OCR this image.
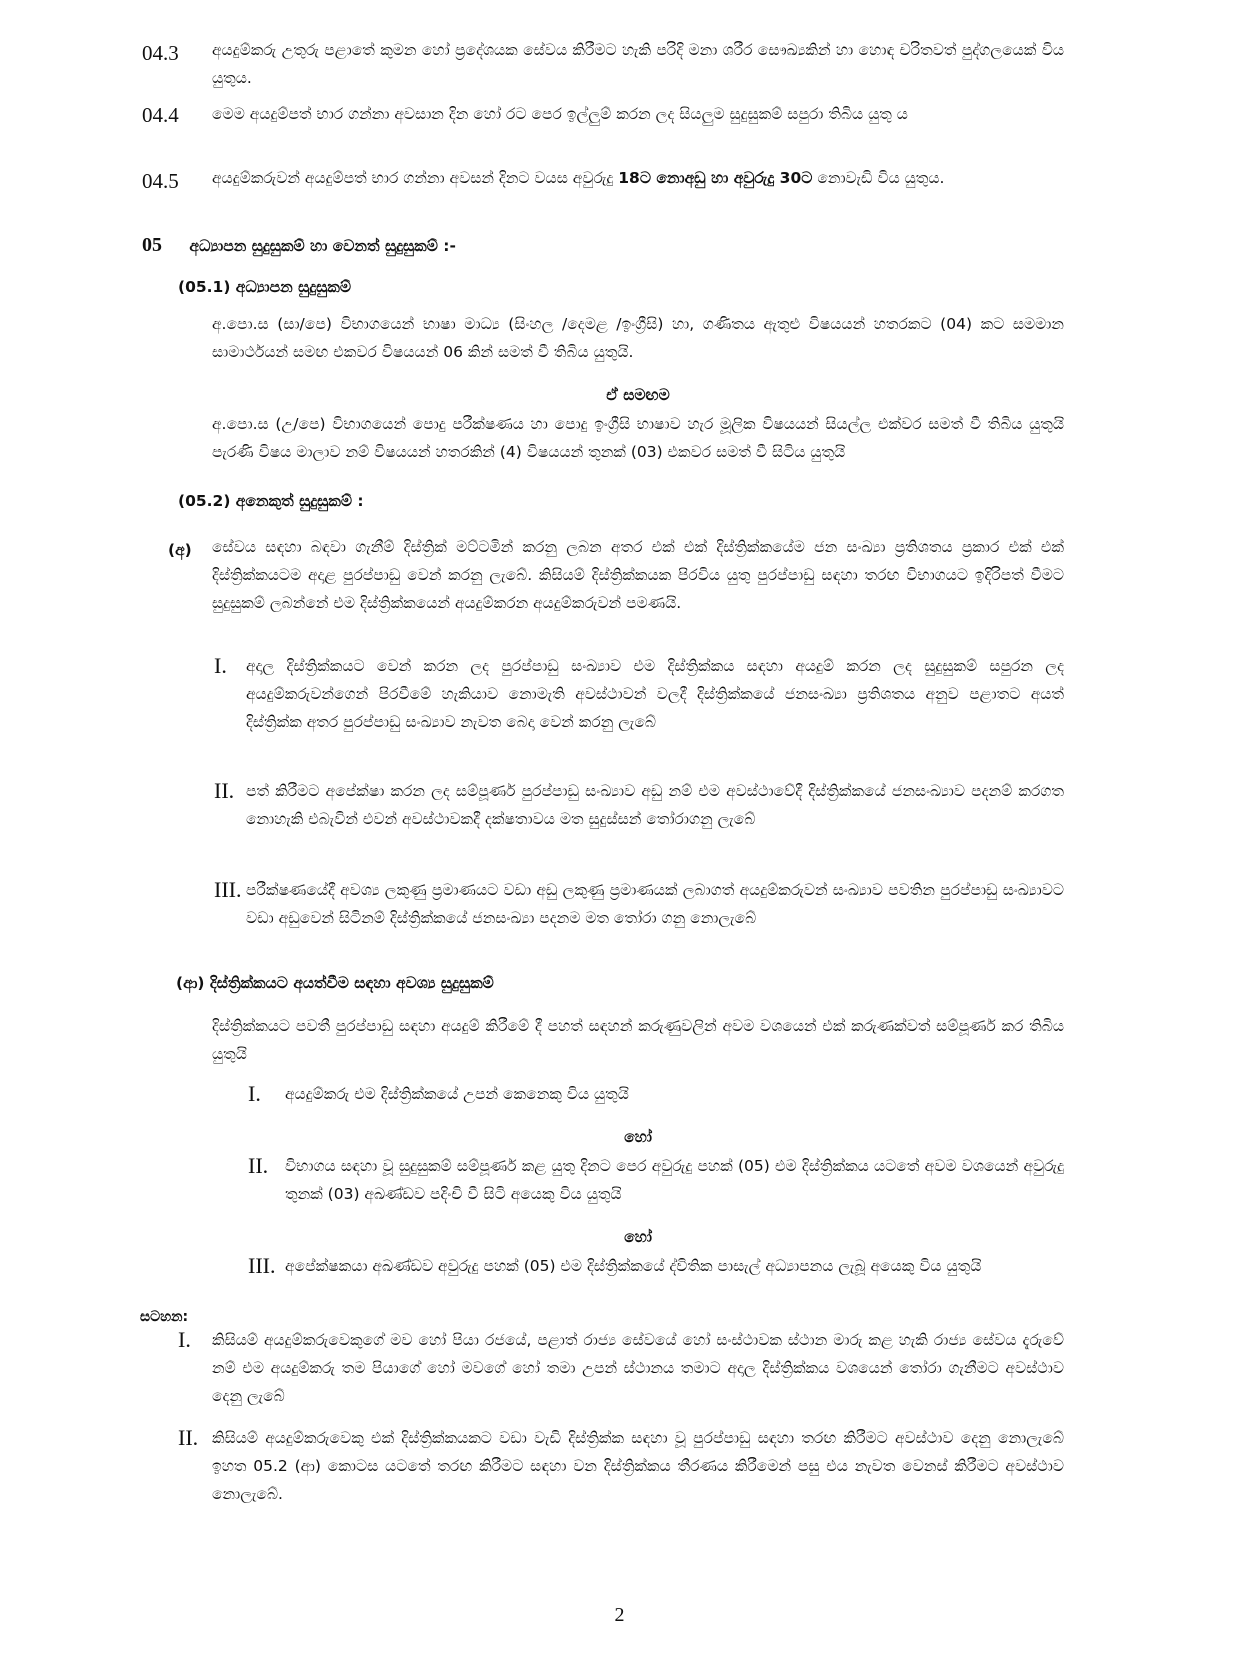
04.3 අයදුම්කරු උතුරු පළාතේ කුමන හෝ ප්‍රදේශයක සේවය කිරීමට හැකි පරිදි මනා ශරීර සෞඛ්‍යකින් හා හොඳ චරිතවත් පුද්ගලයෙක් විය යුතුය.
04.4 මෙම අයදුම්පත් භාර ගන්නා අවසාන දින හෝ රට පෙර ඉල්ලුම් කරන ලද සියලුම සුදුසුකම් සපුරා තිබිය යුතු ය
04.5 අයදුම්කරුවන් අයදුම්පත් භාර ගන්නා අවසන් දිනට වයස අවුරුදු 18ට නොඅඩු හා අවුරුදු 30ට නොවැඩි විය යුතුය.
05 අධ්‍යාපන සුදුසුකම් හා වෙනත් සුදුසුකම් :-
(05.1) අධ්‍යාපන සුදුසුකම්
අ.පො.ස (සා/පෙ) විභාගයෙන් භාෂා මාධ්‍ය (සිංහල /දෙමළ /ඉංග්‍රීසි) හා, ගණිතය ඇතුළු විෂයයන් හතරකට (04) කට සමමාන සාමාර්ථයන් සමඟ එකවර විෂයයන් 06 කින් සමත් වී තිබිය යුතුයි.
ඒ සමඟම
අ.පො.ස (උ/පෙ) විභාගයෙන් පොදු පරීක්ෂණය හා පොදු ඉංග්‍රීසි භාෂාව හැර මූලික විෂයයන් සියල්ල එක්වර සමත් වී තිබිය යුතුයි පැරණි විෂය මාලාව නම් විෂයයන් හතරකින් (4) විෂයයන් තුනක් (03) එකවර සමත් වී සිටිය යුතුයි
(05.2) අනෙකුත් සුදුසුකම් :
(අ) සේවය සඳහා බඳවා ගැනීම් දිස්ත්‍රික් මට්ටමින් කරනු ලබන අතර එක් එක් දිස්ත්‍රික්කයේම ජන සංඛ්‍යා ප්‍රතිශතය ප්‍රකාර එක් එක් දිස්ත්‍රික්කයටම අදාළ පුරප්පාඩු වෙන් කරනු ලැබේ. කිසියම් දිස්ත්‍රික්කයක පිරවිය යුතු පුරප්පාඩු සඳහා තරඟ විභාගයට ඉදිරිපත් වීමට සුදුසුකම් ලබන්නේ එම දිස්ත්‍රික්කයෙන් අයදුම්කරන අයදුම්කරුවන් පමණයි.
I. අදාල දිස්ත්‍රික්කයට වෙන් කරන ලද පුරප්පාඩු සංඛ්‍යාව එම දිස්ත්‍රික්කය සඳහා අයදුම් කරන ලද සුදුසුකම් සපුරන ලද අයදුම්කරුවන්ගෙන් පිරවීමේ හැකියාව නොමැති අවස්ථාවන් වලදී දිස්ත්‍රික්කයේ ජනසංඛ්‍යා ප්‍රතිශතය අනුව පළාතට අයත් දිස්ත්‍රික්ක අතර පුරප්පාඩු සංඛ්‍යාව නැවත බෙදා වෙන් කරනු ලැබේ
II. පත් කිරීමට අපේක්ෂා කරන ලද සම්පූර්ණ පුරප්පාඩු සංඛ්‍යාව අඩු නම් එම අවස්ථාවේදී දිස්ත්‍රික්කයේ ජනසංඛ්‍යාව පදනම් කරගත නොහැකි එබැවින් එවන් අවස්ථාවකදී දක්ෂතාවය මත සුදුස්සන් තෝරාගනු ලැබේ
III. පරීක්ෂණයේදී අවශ්‍ය ලකුණු ප්‍රමාණයට වඩා අඩු ලකුණු ප්‍රමාණයක් ලබාගත් අයදුම්කරුවන් සංඛ්‍යාව පවතින පුරප්පාඩු සංඛ්‍යාවට වඩා අඩුවෙන් සිටිනම් දිස්ත්‍රික්කයේ ජනසංඛ්‍යා පදනම මත තෝරා ගනු නොලැබේ
(ආ) දිස්ත්‍රික්කයට අයත්වීම සඳහා අවශ්‍ය සුදුසුකම්
දිස්ත්‍රික්කයට පවතී පුරප්පාඩු සඳහා අයදුම් කිරීමේ දී පහත් සඳහන් කරුණුවලින් අවම වශයෙන් එක් කරුණක්වත් සම්පූර්ණ කර තිබිය යුතුයි
I. අයදුම්කරු එම දිස්ත්‍රික්කයේ උපන් කෙනෙකු විය යුතුයි
හෝ
II. විභාගය සඳහා වූ සුදුසුකම් සම්පූර්ණ කළ යුතු දිනට පෙර අවුරුදු පහක් (05) එම දිස්ත්‍රික්කය යටතේ අවම වශයෙන් අවුරුදු තුනක් (03) අඛණ්ඩව පදිංචි වී සිටි අයෙකු විය යුතුයි
හෝ
III. අපේක්ෂකයා අඛණ්ඩව අවුරුදු පහක් (05) එම දිස්ත්‍රික්කයේ ද්විතික පාසැල් අධ්‍යාපනය ලැබූ අයෙකු විය යුතුයි
සටහන:
I. කිසියම් අයදුම්කරුවෙකුගේ මව හෝ පියා රජයේ, පළාත් රාජ්‍ය සේවයේ හෝ සංස්ථාවක ස්ථාන මාරු කළ හැකි රාජ්‍ය සේවය දැරුවේ නම් එම අයදුම්කරු තම පියාගේ හෝ මවගේ හෝ තමා උපන් ස්ථානය තමාට අදාල දිස්ත්‍රික්කය වශයෙන් තෝරා ගැනීමට අවස්ථාව දෙනු ලැබේ
II. කිසියම් අයදුම්කරුවෙකු එක් දිස්ත්‍රික්කයකට වඩා වැඩි දිස්ත්‍රික්ක සඳහා වූ පුරප්පාඩු සඳහා තරඟ කිරීමට අවස්ථාව දෙනු නොලැබේ ඉහත 05.2 (ආ) කොටස යටතේ තරඟ කිරීමට සඳහා වන දිස්ත්‍රික්කය තීරණය කිරීමෙන් පසු එය නැවත වෙනස් කිරීමට අවස්ථාව නොලැබේ.
2
